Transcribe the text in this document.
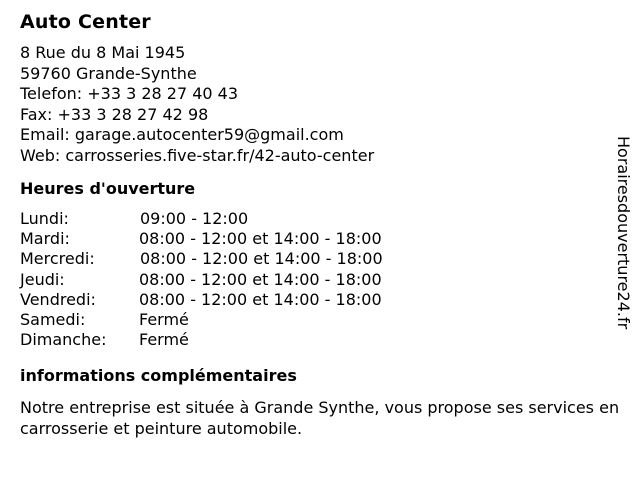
Auto Center
8 Rue du 8 Mai 1945
59760 Grande-Synthe
Telefon: +33 3 28 27 40 43
Fax: +33 3 28 27 42 98
Email: garage.autocenter59@gmail.com
Web: carrosseries.five-star.fr/42-auto-center
Heures d'ouverture
Lundi:	09:00 - 12:00
Mardi:	08:00 - 12:00 et 14:00 - 18:00
Mercredi:	08:00 - 12:00 et 14:00 - 18:00
Jeudi:	08:00 - 12:00 et 14:00 - 18:00
Vendredi:	08:00 - 12:00 et 14:00 - 18:00
Samedi:	Fermé
Dimanche:	Fermé
informations complémentaires
Notre entreprise est située à Grande Synthe, vous propose ses services en carrosserie et peinture automobile.
Horairesdouverture24.fr
